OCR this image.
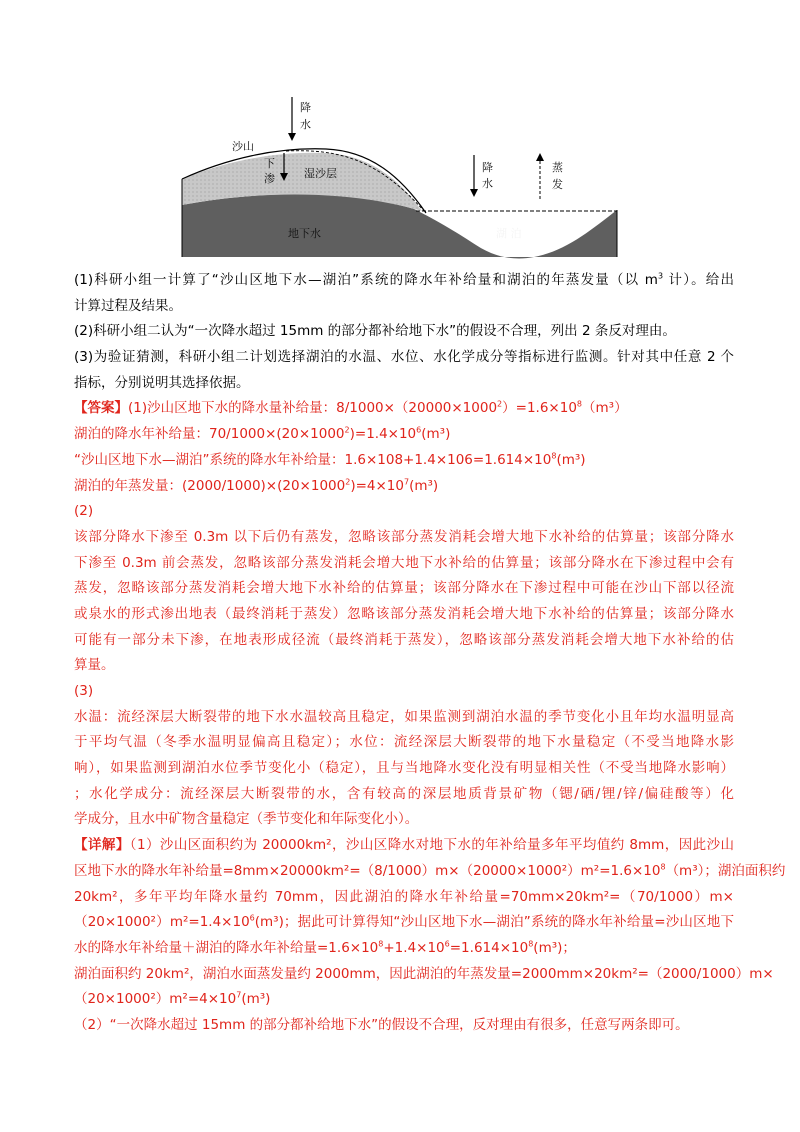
降
水
沙山
下
渗	湿沙层
地下水
降
水
蒸
发
湖 泊
(1)科研小组一计算了“沙山区地下水—湖泊”系统的降水年补给量和湖泊的年蒸发量（以 $m^3$ 计）。给出
计算过程及结果。
(2)科研小组二认为“一次降水超过 15mm 的部分都补给地下水”的假设不合理，列出 2 条反对理由。
(3)为验证猜测，科研小组二计划选择湖泊的水温、水位、水化学成分等指标进行监测。针对其中任意 2 个
指标，分别说明其选择依据。
【答案】(1)沙山区地下水的降水量补给量：$8/1000\times(20000\times 1000^2)=1.6\times 10^8(m^3)$
湖泊的降水年补给量：$70/1000\times(20\times 1000^2)=1.4\times 10^6(m^3)$
“沙山区地下水—湖泊”系统的降水年补给量：$1.6\times 108+1.4\times 106=1.614\times 10^8(m^3)$
湖泊的年蒸发量：$(2000/1000)\times(20\times 1000^2)=4\times 10^7(m^3)$
(2)
该部分降水下渗至 0.3m 以下后仍有蒸发，忽略该部分蒸发消耗会增大地下水补给的估算量；该部分降水
下渗至 0.3m 前会蒸发，忽略该部分蒸发消耗会增大地下水补给的估算量；该部分降水在下渗过程中会有
蒸发，忽略该部分蒸发消耗会增大地下水补给的估算量；该部分降水在下渗过程中可能在沙山下部以径流
或泉水的形式渗出地表（最终消耗于蒸发）忽略该部分蒸发消耗会增大地下水补给的估算量；该部分降水
可能有一部分未下渗，在地表形成径流（最终消耗于蒸发），忽略该部分蒸发消耗会增大地下水补给的估
算量。
(3)
水温：流经深层大断裂带的地下水水温较高且稳定，如果监测到湖泊水温的季节变化小且年均水温明显高
于平均气温（冬季水温明显偏高且稳定）；水位：流经深层大断裂带的地下水量稳定（不受当地降水影
响），如果监测到湖泊水位季节变化小（稳定），且与当地降水变化没有明显相关性（不受当地降水影响）
；水化学成分：流经深层大断裂带的水，含有较高的深层地质背景矿物（锶/硒/锂/锌/偏硅酸等）化
学成分，且水中矿物含量稳定（季节变化和年际变化小）。
【详解】（1）沙山区面积约为 20000km²，沙山区降水对地下水的年补给量多年平均值约 8mm，因此沙山
区地下水的降水年补给量$=8mm\times 20000km^2=(8/1000)m\times(20000\times 1000^2)m^2=1.6\times 10^8(m^3)$；湖泊面积约
20km²，多年平均年降水量约 70mm，因此湖泊的降水年补给量=70mm×20km²=（70/1000）m×
$(20\times 1000^2)m^2=1.4\times 10^6(m^3)$；据此可计算得知“沙山区地下水—湖泊”系统的降水年补给量=沙山区地下
水的降水年补给量＋湖泊的降水年补给量$=1.6\times 10^8+1.4\times 10^6=1.614\times 10^8(m^3)$；
湖泊面积约 20km²，湖泊水面蒸发量约 2000mm，因此湖泊的年蒸发量=2000mm×20km²=（2000/1000）m×
$(20\times 1000^2)m^2=4\times 10^7(m^3)$
（2）“一次降水超过 15mm 的部分都补给地下水”的假设不合理，反对理由有很多，任意写两条即可。
